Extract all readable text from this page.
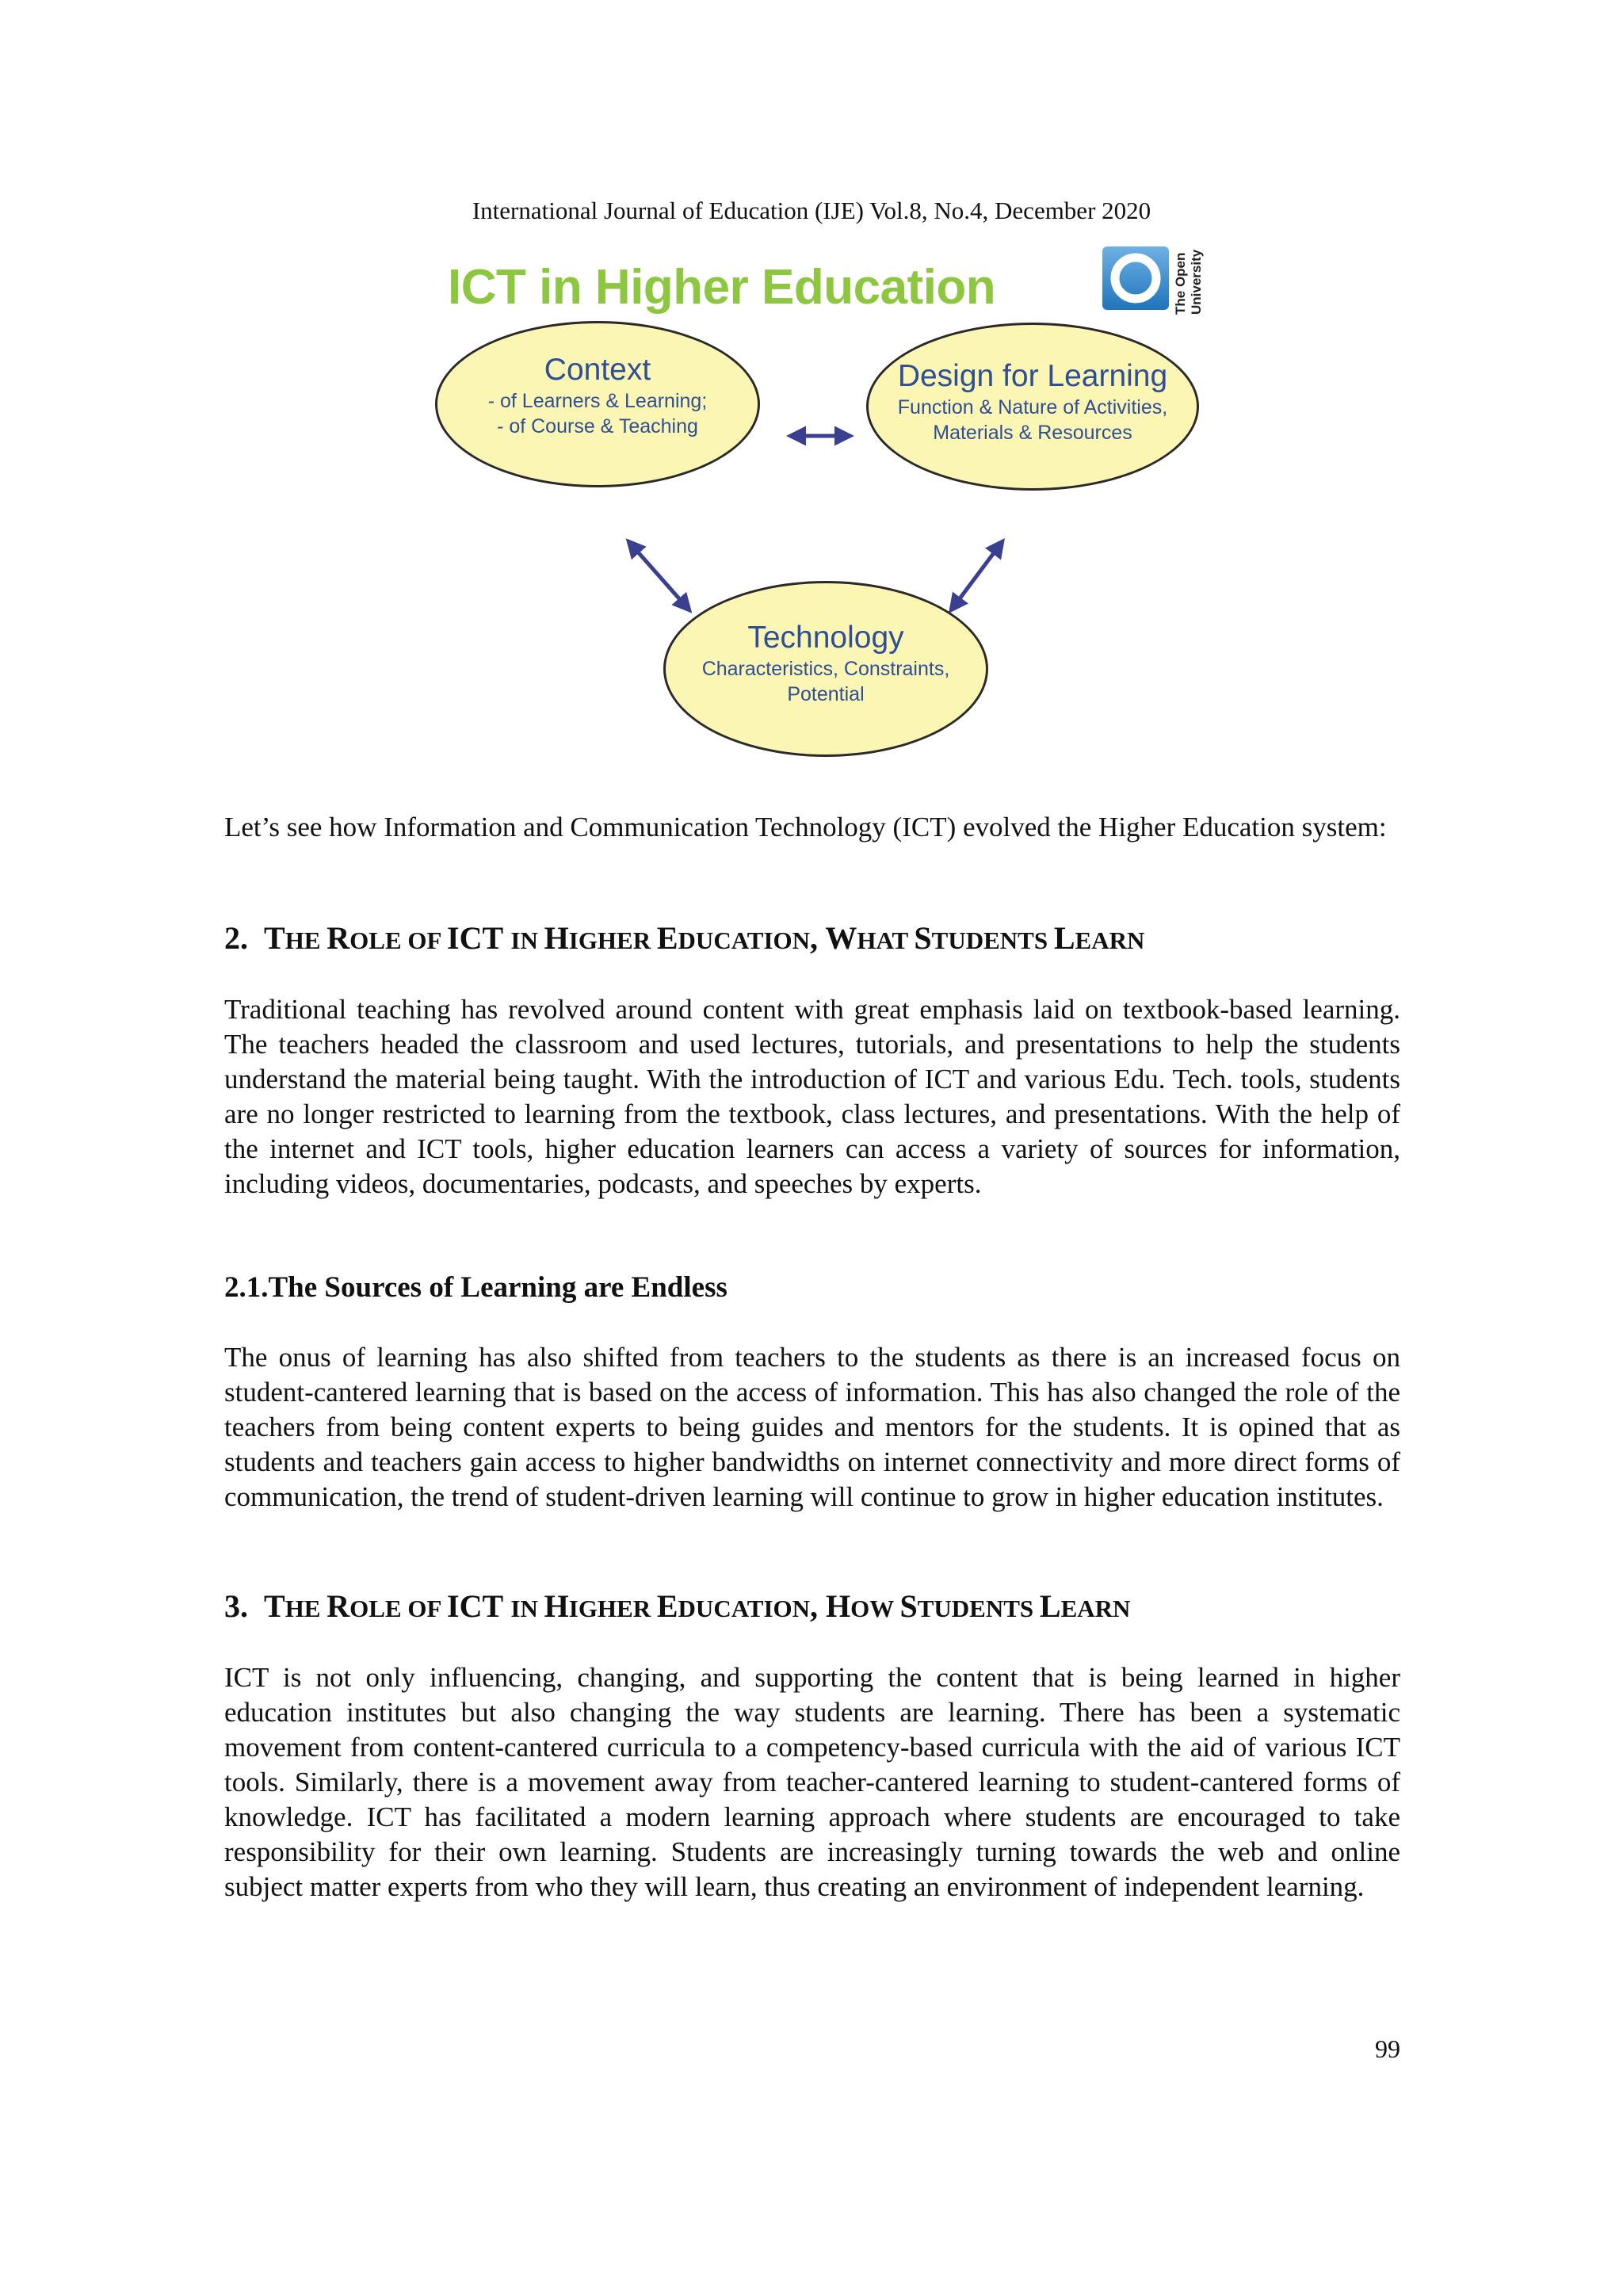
International Journal of Education (IJE) Vol.8, No.4, December 2020
ICT in Higher Education	The Open University
Context
- of Learners & Learning;
- of Course & Teaching
Design for Learning
Function & Nature of Activities,
Materials & Resources
Technology
Characteristics, Constraints,
Potential
Let’s see how Information and Communication Technology (ICT) evolved the Higher Education system:
2. THE ROLE OF ICT IN HIGHER EDUCATION, WHAT STUDENTS LEARN
Traditional teaching has revolved around content with great emphasis laid on textbook-based learning. The teachers headed the classroom and used lectures, tutorials, and presentations to help the students understand the material being taught. With the introduction of ICT and various Edu. Tech. tools, students are no longer restricted to learning from the textbook, class lectures, and presentations. With the help of the internet and ICT tools, higher education learners can access a variety of sources for information, including videos, documentaries, podcasts, and speeches by experts.
2.1.The Sources of Learning are Endless
The onus of learning has also shifted from teachers to the students as there is an increased focus on student-cantered learning that is based on the access of information. This has also changed the role of the teachers from being content experts to being guides and mentors for the students. It is opined that as students and teachers gain access to higher bandwidths on internet connectivity and more direct forms of communication, the trend of student-driven learning will continue to grow in higher education institutes.
3. THE ROLE OF ICT IN HIGHER EDUCATION, HOW STUDENTS LEARN
ICT is not only influencing, changing, and supporting the content that is being learned in higher education institutes but also changing the way students are learning. There has been a systematic movement from content-cantered curricula to a competency-based curricula with the aid of various ICT tools. Similarly, there is a movement away from teacher-cantered learning to student-cantered forms of knowledge. ICT has facilitated a modern learning approach where students are encouraged to take responsibility for their own learning. Students are increasingly turning towards the web and online subject matter experts from who they will learn, thus creating an environment of independent learning.
99
